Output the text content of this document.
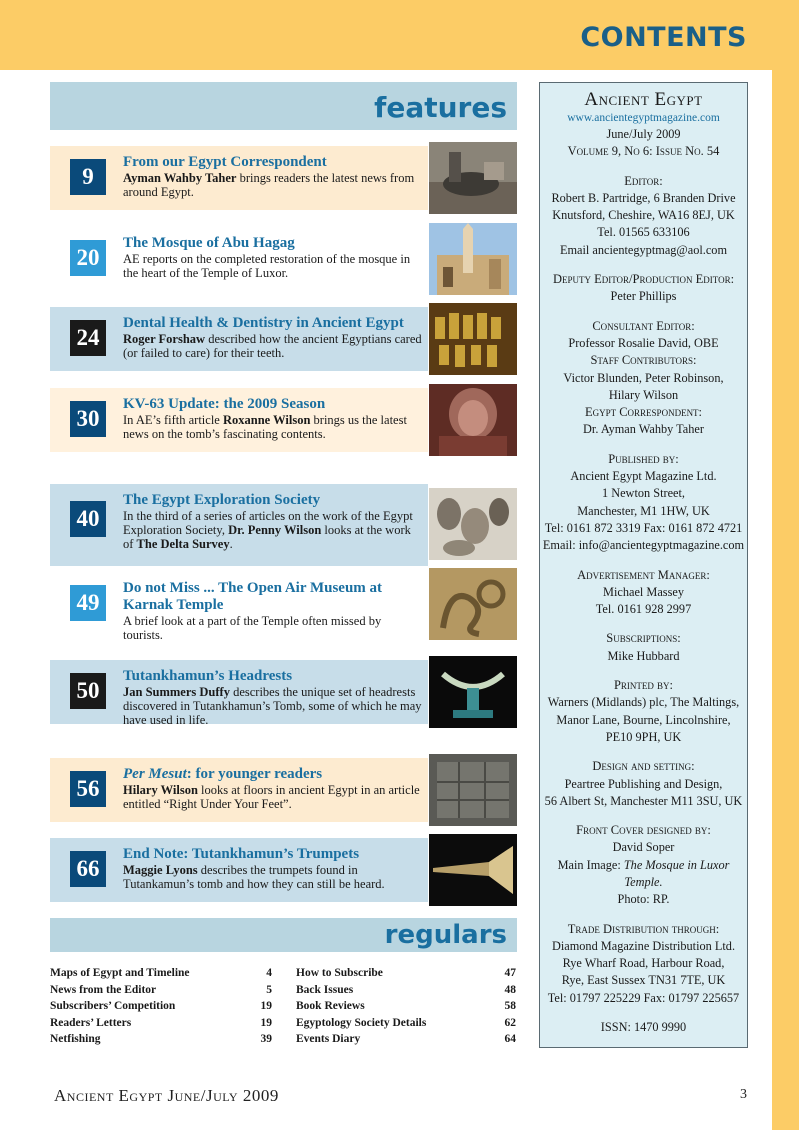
CONTENTS
features
9
From our Egypt Correspondent
Ayman Wahby Taher brings readers the latest news from around Egypt.
20
The Mosque of Abu Hagag
AE reports on the completed restoration of the mosque in the heart of the Temple of Luxor.
24
Dental Health & Dentistry in Ancient Egypt
Roger Forshaw described how the ancient Egyptians cared (or failed to care) for their teeth.
30
KV-63 Update: the 2009 Season
In AE’s fifth article Roxanne Wilson brings us the latest news on the tomb’s fascinating contents.
40
The Egypt Exploration Society
In the third of a series of articles on the work of the Egypt Exploration Society, Dr. Penny Wilson looks at the work of The Delta Survey.
49
Do not Miss ... The Open Air Museum at Karnak Temple
A brief look at a part of the Temple often missed by tourists.
50
Tutankhamun’s Headrests
Jan Summers Duffy describes the unique set of headrests discovered in Tutankhamun’s Tomb, some of which he may have used in life.
56
Per Mesut: for younger readers
Hilary Wilson looks at floors in ancient Egypt in an article entitled “Right Under Your Feet”.
66
End Note: Tutankhamun’s Trumpets
Maggie Lyons describes the trumpets found in Tutankamun’s tomb and how they can still be heard.
regulars
Maps of Egypt and Timeline	4
News from the Editor	5
Subscribers’ Competition	19
Readers’ Letters	19
Netfishing	39
How to Subscribe	47
Back Issues	48
Book Reviews	58
Egyptology Society Details	62
Events Diary	64
Ancient Egypt
www.ancientegyptmagazine.com
June/July 2009
Volume 9, No 6: Issue No. 54
Editor:
Robert B. Partridge, 6 Branden Drive
Knutsford, Cheshire, WA16 8EJ, UK
Tel. 01565 633106
Email ancientegyptmag@aol.com
Deputy Editor/Production Editor:
Peter Phillips
Consultant Editor:
Professor Rosalie David, OBE
Staff Contributors:
Victor Blunden, Peter Robinson,
Hilary Wilson
Egypt Correspondent:
Dr. Ayman Wahby Taher
Published by:
Ancient Egypt Magazine Ltd.
1 Newton Street,
Manchester, M1 1HW, UK
Tel: 0161 872 3319 Fax: 0161 872 4721
Email: info@ancientegyptmagazine.com
Advertisement Manager:
Michael Massey
Tel. 0161 928 2997
Subscriptions:
Mike Hubbard
Printed by:
Warners (Midlands) plc, The Maltings,
Manor Lane, Bourne, Lincolnshire,
PE10 9PH, UK
Design and setting:
Peartree Publishing and Design,
56 Albert St, Manchester M11 3SU, UK
Front Cover designed by:
David Soper
Main Image: The Mosque in Luxor Temple.
Photo: RP.
Trade Distribution through:
Diamond Magazine Distribution Ltd.
Rye Wharf Road, Harbour Road,
Rye, East Sussex TN31 7TE, UK
Tel: 01797 225229 Fax: 01797 225657
ISSN: 1470 9990
Ancient Egypt June/July 2009	3
